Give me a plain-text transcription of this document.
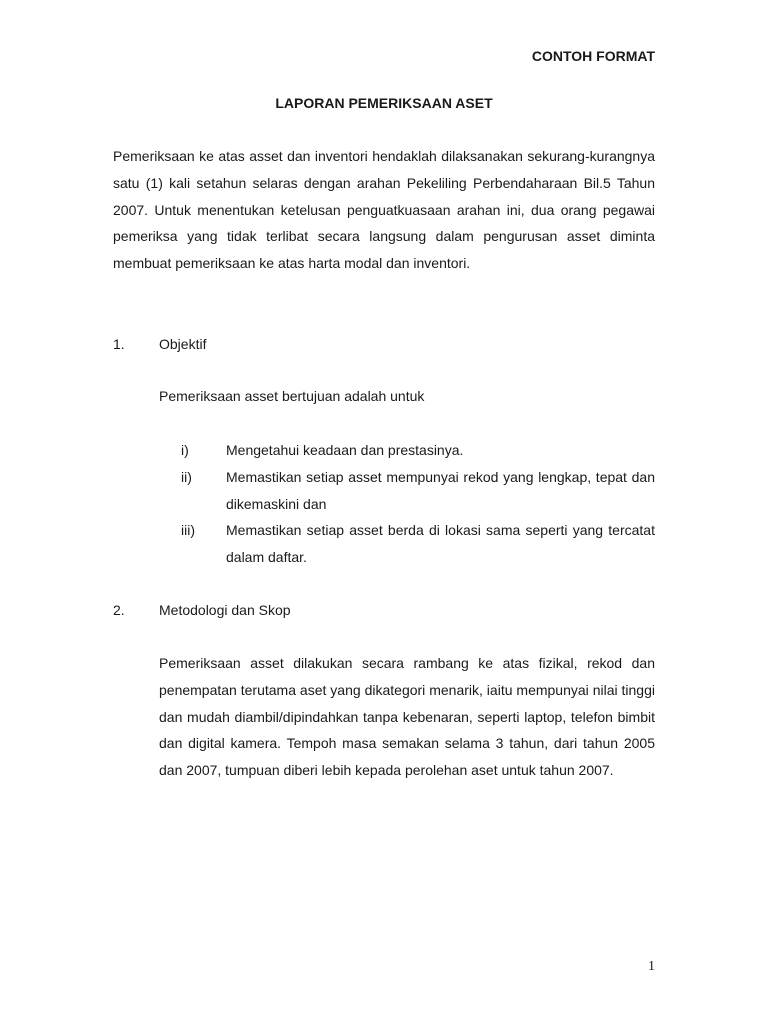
CONTOH FORMAT
LAPORAN PEMERIKSAAN ASET

Pemeriksaan ke atas asset dan inventori hendaklah dilaksanakan sekurang-kurangnya satu (1) kali setahun selaras dengan arahan Pekeliling Perbendaharaan Bil.5 Tahun 2007. Untuk menentukan ketelusan penguatkuasaan arahan ini, dua orang pegawai pemeriksa yang tidak terlibat secara langsung dalam pengurusan asset diminta membuat pemeriksaan ke atas harta modal dan inventori.

1. Objektif
Pemeriksaan asset bertujuan adalah untuk
i)	Mengetahui keadaan dan prestasinya.
ii) Memastikan setiap asset mempunyai rekod yang lengkap, tepat dan dikemaskini dan
iii) Memastikan setiap asset berda di lokasi sama seperti yang tercatat dalam daftar.
2. Metodologi dan Skop

Pemeriksaan asset dilakukan secara rambang ke atas fizikal, rekod dan penempatan terutama aset yang dikategori menarik, iaitu mempunyai nilai tinggi dan mudah diambil/dipindahkan tanpa kebenaran, seperti laptop, telefon bimbit dan digital kamera. Tempoh masa semakan selama 3 tahun, dari tahun 2005 dan 2007, tumpuan diberi lebih kepada perolehan aset untuk tahun 2007.

1
